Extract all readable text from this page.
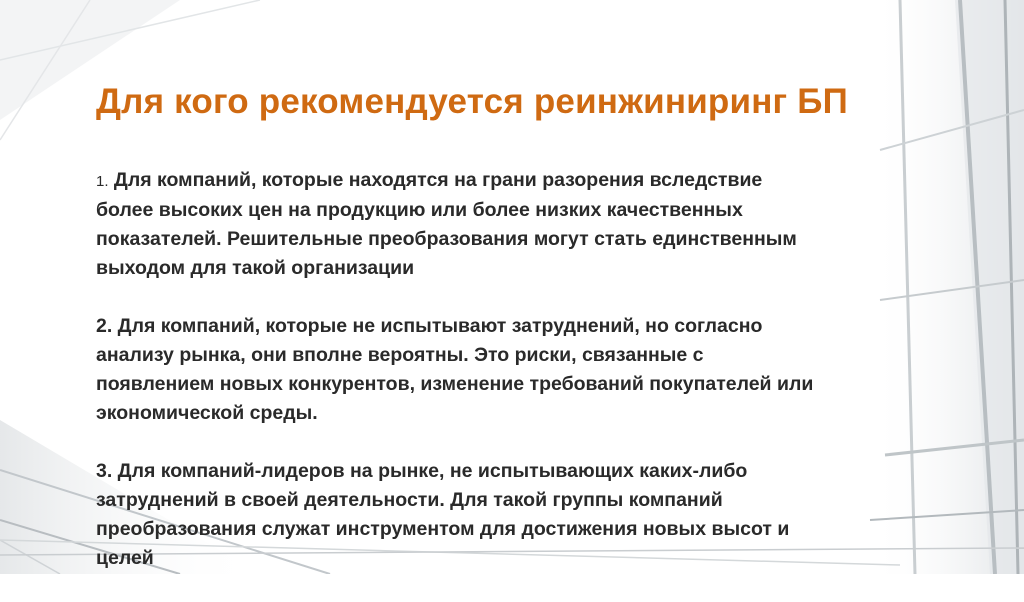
Для кого рекомендуется реинжиниринг БП

1. Для компаний, которые находятся на грани разорения вследствие
более высоких цен на продукцию или более низких качественных
показателей. Решительные преобразования могут стать единственным
выходом для такой организации

2. Для компаний, которые не испытывают затруднений, но согласно
анализу рынка, они вполне вероятны. Это риски, связанные с
появлением новых конкурентов, изменение требований покупателей или
экономической среды.

3. Для компаний-лидеров на рынке, не испытывающих каких-либо
затруднений в своей деятельности. Для такой группы компаний
преобразования служат инструментом для достижения новых высот и
целей
